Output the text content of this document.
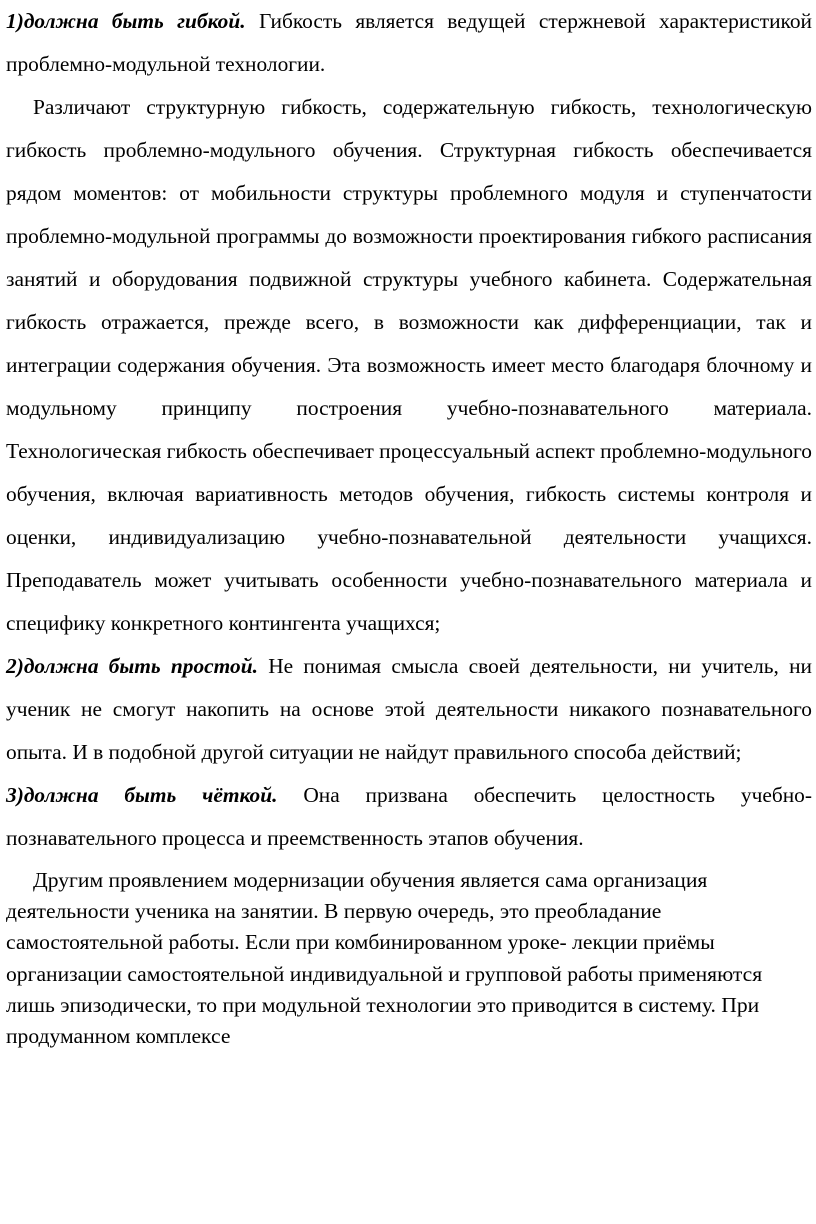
1)должна быть гибкой. Гибкость является ведущей стержневой характеристикой проблемно-модульной технологии.

Различают структурную гибкость, содержательную гибкость, технологическую гибкость проблемно-модульного обучения. Структурная гибкость обеспечивается рядом моментов: от мобильности структуры проблемного модуля и ступенчатости проблемно-модульной программы до возможности проектирования гибкого расписания занятий и оборудования подвижной структуры учебного кабинета. Содержательная гибкость отражается, прежде всего, в возможности как дифференциации, так и интеграции содержания обучения. Эта возможность имеет место благодаря блочному и модульному принципу построения учебно-познавательного материала. Технологическая гибкость обеспечивает процессуальный аспект проблемно-модульного обучения, включая вариативность методов обучения, гибкость системы контроля и оценки, индивидуализацию учебно-познавательной деятельности учащихся. Преподаватель может учитывать особенности учебно-познавательного материала и специфику конкретного контингента учащихся;

2)должна быть простой. Не понимая смысла своей деятельности, ни учитель, ни ученик не смогут накопить на основе этой деятельности никакого познавательного опыта. И в подобной другой ситуации не найдут правильного способа действий;

3)должна быть чёткой. Она призвана обеспечить целостность учебно-познавательного процесса и преемственность этапов обучения.

Другим проявлением модернизации обучения является сама организация деятельности ученика на занятии. В первую очередь, это преобладание самостоятельной работы. Если при комбинированном уроке- лекции приёмы организации самостоятельной индивидуальной и групповой работы применяются лишь эпизодически, то при модульной технологии это приводится в систему. При продуманном комплексе
